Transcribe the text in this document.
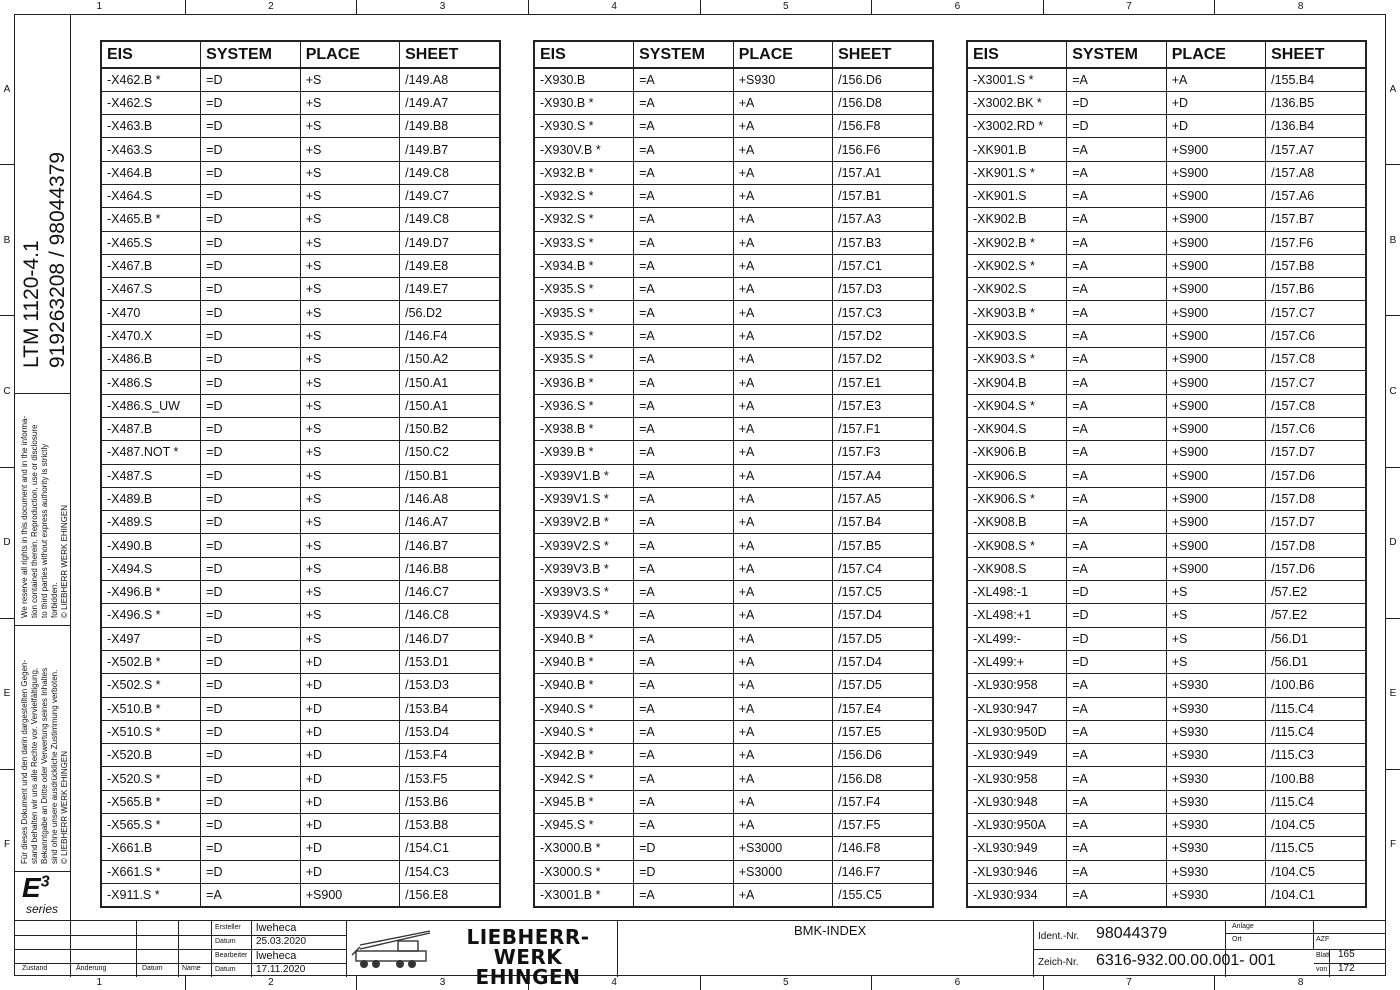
1	2	3	4	5	6	7	8
1	2	3	4	5	6	7	8
A
B
C
D
E
F
A
B
C
D
E
F
LTM 1120-4.1 919263208 / 98044379
We reserve all rights in this document and in the informa-
tion contained therein. Reproduction, use or disclosure
to third parties without express authority is strictly
forbidden.
© LIEBHERR WERK EHINGEN
Für dieses Dokument und den darin dargestellten Gegen-
stand behalten wir uns alle Rechte vor. Vervielfältigung,
Bekanntgabe an Dritte oder Verwertung seines Inhaltes
sind ohne unsere ausdrückliche Zustimmung verboten.
© LIEBHERR WERK EHINGEN
$E^3$
series
EIS	SYSTEM	PLACE	SHEET
-X462.B *	=D	+S	/149.A8
-X462.S	=D	+S	/149.A7
-X463.B	=D	+S	/149.B8
-X463.S	=D	+S	/149.B7
-X464.B	=D	+S	/149.C8
-X464.S	=D	+S	/149.C7
-X465.B *	=D	+S	/149.C8
-X465.S	=D	+S	/149.D7
-X467.B	=D	+S	/149.E8
-X467.S	=D	+S	/149.E7
-X470	=D	+S	/56.D2
-X470.X	=D	+S	/146.F4
-X486.B	=D	+S	/150.A2
-X486.S	=D	+S	/150.A1
-X486.S_UW	=D	+S	/150.A1
-X487.B	=D	+S	/150.B2
-X487.NOT *	=D	+S	/150.C2
-X487.S	=D	+S	/150.B1
-X489.B	=D	+S	/146.A8
-X489.S	=D	+S	/146.A7
-X490.B	=D	+S	/146.B7
-X494.S	=D	+S	/146.B8
-X496.B *	=D	+S	/146.C7
-X496.S *	=D	+S	/146.C8
-X497	=D	+S	/146.D7
-X502.B *	=D	+D	/153.D1
-X502.S *	=D	+D	/153.D3
-X510.B *	=D	+D	/153.B4
-X510.S *	=D	+D	/153.D4
-X520.B	=D	+D	/153.F4
-X520.S *	=D	+D	/153.F5
-X565.B *	=D	+D	/153.B6
-X565.S *	=D	+D	/153.B8
-X661.B	=D	+D	/154.C1
-X661.S *	=D	+D	/154.C3
-X911.S *	=A	+S900	/156.E8
EIS	SYSTEM	PLACE	SHEET
-X930.B	=A	+S930	/156.D6
-X930.B *	=A	+A	/156.D8
-X930.S *	=A	+A	/156.F8
-X930V.B *	=A	+A	/156.F6
-X932.B *	=A	+A	/157.A1
-X932.S *	=A	+A	/157.B1
-X932.S *	=A	+A	/157.A3
-X933.S *	=A	+A	/157.B3
-X934.B *	=A	+A	/157.C1
-X935.S *	=A	+A	/157.D3
-X935.S *	=A	+A	/157.C3
-X935.S *	=A	+A	/157.D2
-X935.S *	=A	+A	/157.D2
-X936.B *	=A	+A	/157.E1
-X936.S *	=A	+A	/157.E3
-X938.B *	=A	+A	/157.F1
-X939.B *	=A	+A	/157.F3
-X939V1.B *	=A	+A	/157.A4
-X939V1.S *	=A	+A	/157.A5
-X939V2.B *	=A	+A	/157.B4
-X939V2.S *	=A	+A	/157.B5
-X939V3.B *	=A	+A	/157.C4
-X939V3.S *	=A	+A	/157.C5
-X939V4.S *	=A	+A	/157.D4
-X940.B *	=A	+A	/157.D5
-X940.B *	=A	+A	/157.D4
-X940.B *	=A	+A	/157.D5
-X940.S *	=A	+A	/157.E4
-X940.S *	=A	+A	/157.E5
-X942.B *	=A	+A	/156.D6
-X942.S *	=A	+A	/156.D8
-X945.B *	=A	+A	/157.F4
-X945.S *	=A	+A	/157.F5
-X3000.B *	=D	+S3000	/146.F8
-X3000.S *	=D	+S3000	/146.F7
-X3001.B *	=A	+A	/155.C5
EIS	SYSTEM	PLACE	SHEET
-X3001.S *	=A	+A	/155.B4
-X3002.BK *	=D	+D	/136.B5
-X3002.RD *	=D	+D	/136.B4
-XK901.B	=A	+S900	/157.A7
-XK901.S *	=A	+S900	/157.A8
-XK901.S	=A	+S900	/157.A6
-XK902.B	=A	+S900	/157.B7
-XK902.B *	=A	+S900	/157.F6
-XK902.S *	=A	+S900	/157.B8
-XK902.S	=A	+S900	/157.B6
-XK903.B *	=A	+S900	/157.C7
-XK903.S	=A	+S900	/157.C6
-XK903.S *	=A	+S900	/157.C8
-XK904.B	=A	+S900	/157.C7
-XK904.S *	=A	+S900	/157.C8
-XK904.S	=A	+S900	/157.C6
-XK906.B	=A	+S900	/157.D7
-XK906.S	=A	+S900	/157.D6
-XK906.S *	=A	+S900	/157.D8
-XK908.B	=A	+S900	/157.D7
-XK908.S *	=A	+S900	/157.D8
-XK908.S	=A	+S900	/157.D6
-XL498:-1	=D	+S	/57.E2
-XL498:+1	=D	+S	/57.E2
-XL499:-	=D	+S	/56.D1
-XL499:+	=D	+S	/56.D1
-XL930:958	=A	+S930	/100.B6
-XL930:947	=A	+S930	/115.C4
-XL930:950D	=A	+S930	/115.C4
-XL930:949	=A	+S930	/115.C3
-XL930:958	=A	+S930	/100.B8
-XL930:948	=A	+S930	/115.C4
-XL930:950A	=A	+S930	/104.C5
-XL930:949	=A	+S930	/115.C5
-XL930:946	=A	+S930	/104.C5
-XL930:934	=A	+S930	/104.C1
Zustand	Änderung	Datum	Name
Ersteller lweheca
Datum 25.03.2020
Bearbeiter lweheca
Datum 17.11.2020
LIEBHERR-WERK
EHINGEN
BMK-INDEX	Ident.-Nr. 98044379
Zeich-Nr. 6316-932.00.00.001- 001
Anlage
Ort	AZF
Blatt 165
von 172
